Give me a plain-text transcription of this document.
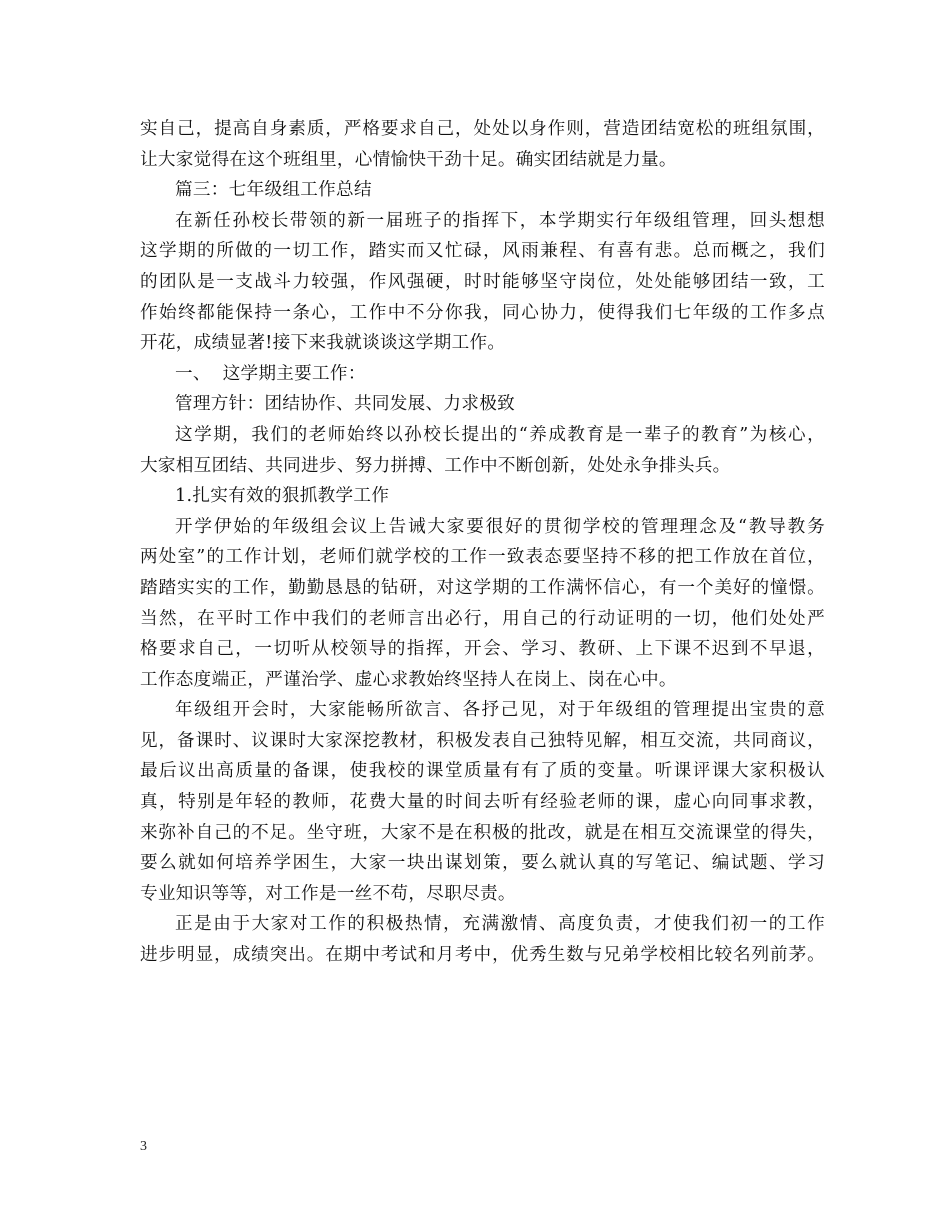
实自己，提高自身素质，严格要求自己，处处以身作则，营造团结宽松的班组氛围，
让大家觉得在这个班组里，心情愉快干劲十足。确实团结就是力量。
篇三：七年级组工作总结
在新任孙校长带领的新一届班子的指挥下，本学期实行年级组管理，回头想想
这学期的所做的一切工作，踏实而又忙碌，风雨兼程、有喜有悲。总而概之，我们
的团队是一支战斗力较强，作风强硬，时时能够坚守岗位，处处能够团结一致，工
作始终都能保持一条心，工作中不分你我，同心协力，使得我们七年级的工作多点
开花，成绩显著!接下来我就谈谈这学期工作。
一、  这学期主要工作：
管理方针：团结协作、共同发展、力求极致
这学期，我们的老师始终以孙校长提出的“养成教育是一辈子的教育”为核心，
大家相互团结、共同进步、努力拼搏、工作中不断创新，处处永争排头兵。
1.扎实有效的狠抓教学工作
开学伊始的年级组会议上告诫大家要很好的贯彻学校的管理理念及“教导教务
两处室”的工作计划，老师们就学校的工作一致表态要坚持不移的把工作放在首位，
踏踏实实的工作，勤勤恳恳的钻研，对这学期的工作满怀信心，有一个美好的憧憬。
当然，在平时工作中我们的老师言出必行，用自己的行动证明的一切，他们处处严
格要求自己，一切听从校领导的指挥，开会、学习、教研、上下课不迟到不早退，
工作态度端正，严谨治学、虚心求教始终坚持人在岗上、岗在心中。
年级组开会时，大家能畅所欲言、各抒己见，对于年级组的管理提出宝贵的意
见，备课时、议课时大家深挖教材，积极发表自己独特见解，相互交流，共同商议，
最后议出高质量的备课，使我校的课堂质量有有了质的变量。听课评课大家积极认
真，特别是年轻的教师，花费大量的时间去听有经验老师的课，虚心向同事求教，
来弥补自己的不足。坐守班，大家不是在积极的批改，就是在相互交流课堂的得失，
要么就如何培养学困生，大家一块出谋划策，要么就认真的写笔记、编试题、学习
专业知识等等，对工作是一丝不苟，尽职尽责。
正是由于大家对工作的积极热情，充满激情、高度负责，才使我们初一的工作
进步明显，成绩突出。在期中考试和月考中，优秀生数与兄弟学校相比较名列前茅。
3
